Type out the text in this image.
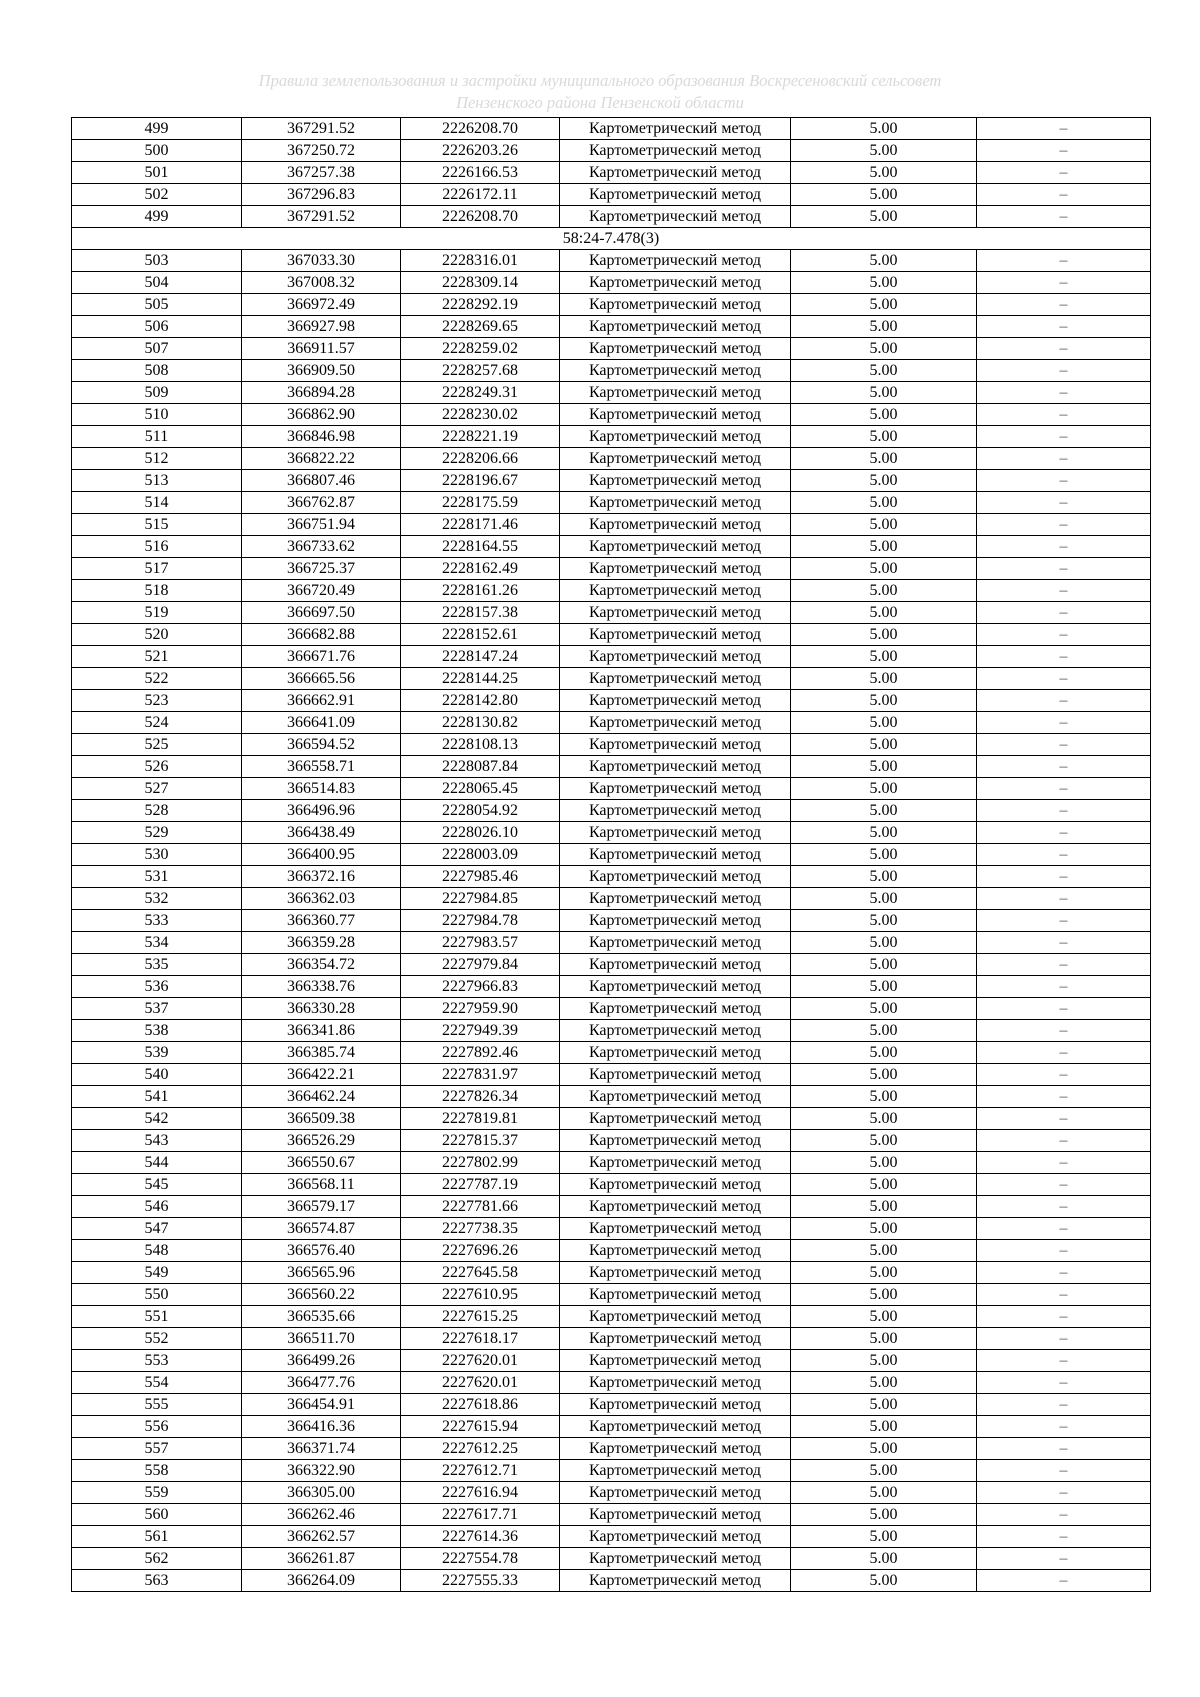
Правила землепользования и застройки муниципального образования Воскресеновский сельсовет
Пензенского района Пензенской области
499	367291.52	2226208.70	Картометрический метод	5.00	–
500	367250.72	2226203.26	Картометрический метод	5.00	–
501	367257.38	2226166.53	Картометрический метод	5.00	–
502	367296.83	2226172.11	Картометрический метод	5.00	–
499	367291.52	2226208.70	Картометрический метод	5.00	–
58:24-7.478(3)					
503	367033.30	2228316.01	Картометрический метод	5.00	–
504	367008.32	2228309.14	Картометрический метод	5.00	–
505	366972.49	2228292.19	Картометрический метод	5.00	–
506	366927.98	2228269.65	Картометрический метод	5.00	–
507	366911.57	2228259.02	Картометрический метод	5.00	–
508	366909.50	2228257.68	Картометрический метод	5.00	–
509	366894.28	2228249.31	Картометрический метод	5.00	–
510	366862.90	2228230.02	Картометрический метод	5.00	–
511	366846.98	2228221.19	Картометрический метод	5.00	–
512	366822.22	2228206.66	Картометрический метод	5.00	–
513	366807.46	2228196.67	Картометрический метод	5.00	–
514	366762.87	2228175.59	Картометрический метод	5.00	–
515	366751.94	2228171.46	Картометрический метод	5.00	–
516	366733.62	2228164.55	Картометрический метод	5.00	–
517	366725.37	2228162.49	Картометрический метод	5.00	–
518	366720.49	2228161.26	Картометрический метод	5.00	–
519	366697.50	2228157.38	Картометрический метод	5.00	–
520	366682.88	2228152.61	Картометрический метод	5.00	–
521	366671.76	2228147.24	Картометрический метод	5.00	–
522	366665.56	2228144.25	Картометрический метод	5.00	–
523	366662.91	2228142.80	Картометрический метод	5.00	–
524	366641.09	2228130.82	Картометрический метод	5.00	–
525	366594.52	2228108.13	Картометрический метод	5.00	–
526	366558.71	2228087.84	Картометрический метод	5.00	–
527	366514.83	2228065.45	Картометрический метод	5.00	–
528	366496.96	2228054.92	Картометрический метод	5.00	–
529	366438.49	2228026.10	Картометрический метод	5.00	–
530	366400.95	2228003.09	Картометрический метод	5.00	–
531	366372.16	2227985.46	Картометрический метод	5.00	–
532	366362.03	2227984.85	Картометрический метод	5.00	–
533	366360.77	2227984.78	Картометрический метод	5.00	–
534	366359.28	2227983.57	Картометрический метод	5.00	–
535	366354.72	2227979.84	Картометрический метод	5.00	–
536	366338.76	2227966.83	Картометрический метод	5.00	–
537	366330.28	2227959.90	Картометрический метод	5.00	–
538	366341.86	2227949.39	Картометрический метод	5.00	–
539	366385.74	2227892.46	Картометрический метод	5.00	–
540	366422.21	2227831.97	Картометрический метод	5.00	–
541	366462.24	2227826.34	Картометрический метод	5.00	–
542	366509.38	2227819.81	Картометрический метод	5.00	–
543	366526.29	2227815.37	Картометрический метод	5.00	–
544	366550.67	2227802.99	Картометрический метод	5.00	–
545	366568.11	2227787.19	Картометрический метод	5.00	–
546	366579.17	2227781.66	Картометрический метод	5.00	–
547	366574.87	2227738.35	Картометрический метод	5.00	–
548	366576.40	2227696.26	Картометрический метод	5.00	–
549	366565.96	2227645.58	Картометрический метод	5.00	–
550	366560.22	2227610.95	Картометрический метод	5.00	–
551	366535.66	2227615.25	Картометрический метод	5.00	–
552	366511.70	2227618.17	Картометрический метод	5.00	–
553	366499.26	2227620.01	Картометрический метод	5.00	–
554	366477.76	2227620.01	Картометрический метод	5.00	–
555	366454.91	2227618.86	Картометрический метод	5.00	–
556	366416.36	2227615.94	Картометрический метод	5.00	–
557	366371.74	2227612.25	Картометрический метод	5.00	–
558	366322.90	2227612.71	Картометрический метод	5.00	–
559	366305.00	2227616.94	Картометрический метод	5.00	–
560	366262.46	2227617.71	Картометрический метод	5.00	–
561	366262.57	2227614.36	Картометрический метод	5.00	–
562	366261.87	2227554.78	Картометрический метод	5.00	–
563	366264.09	2227555.33	Картометрический метод	5.00	–
